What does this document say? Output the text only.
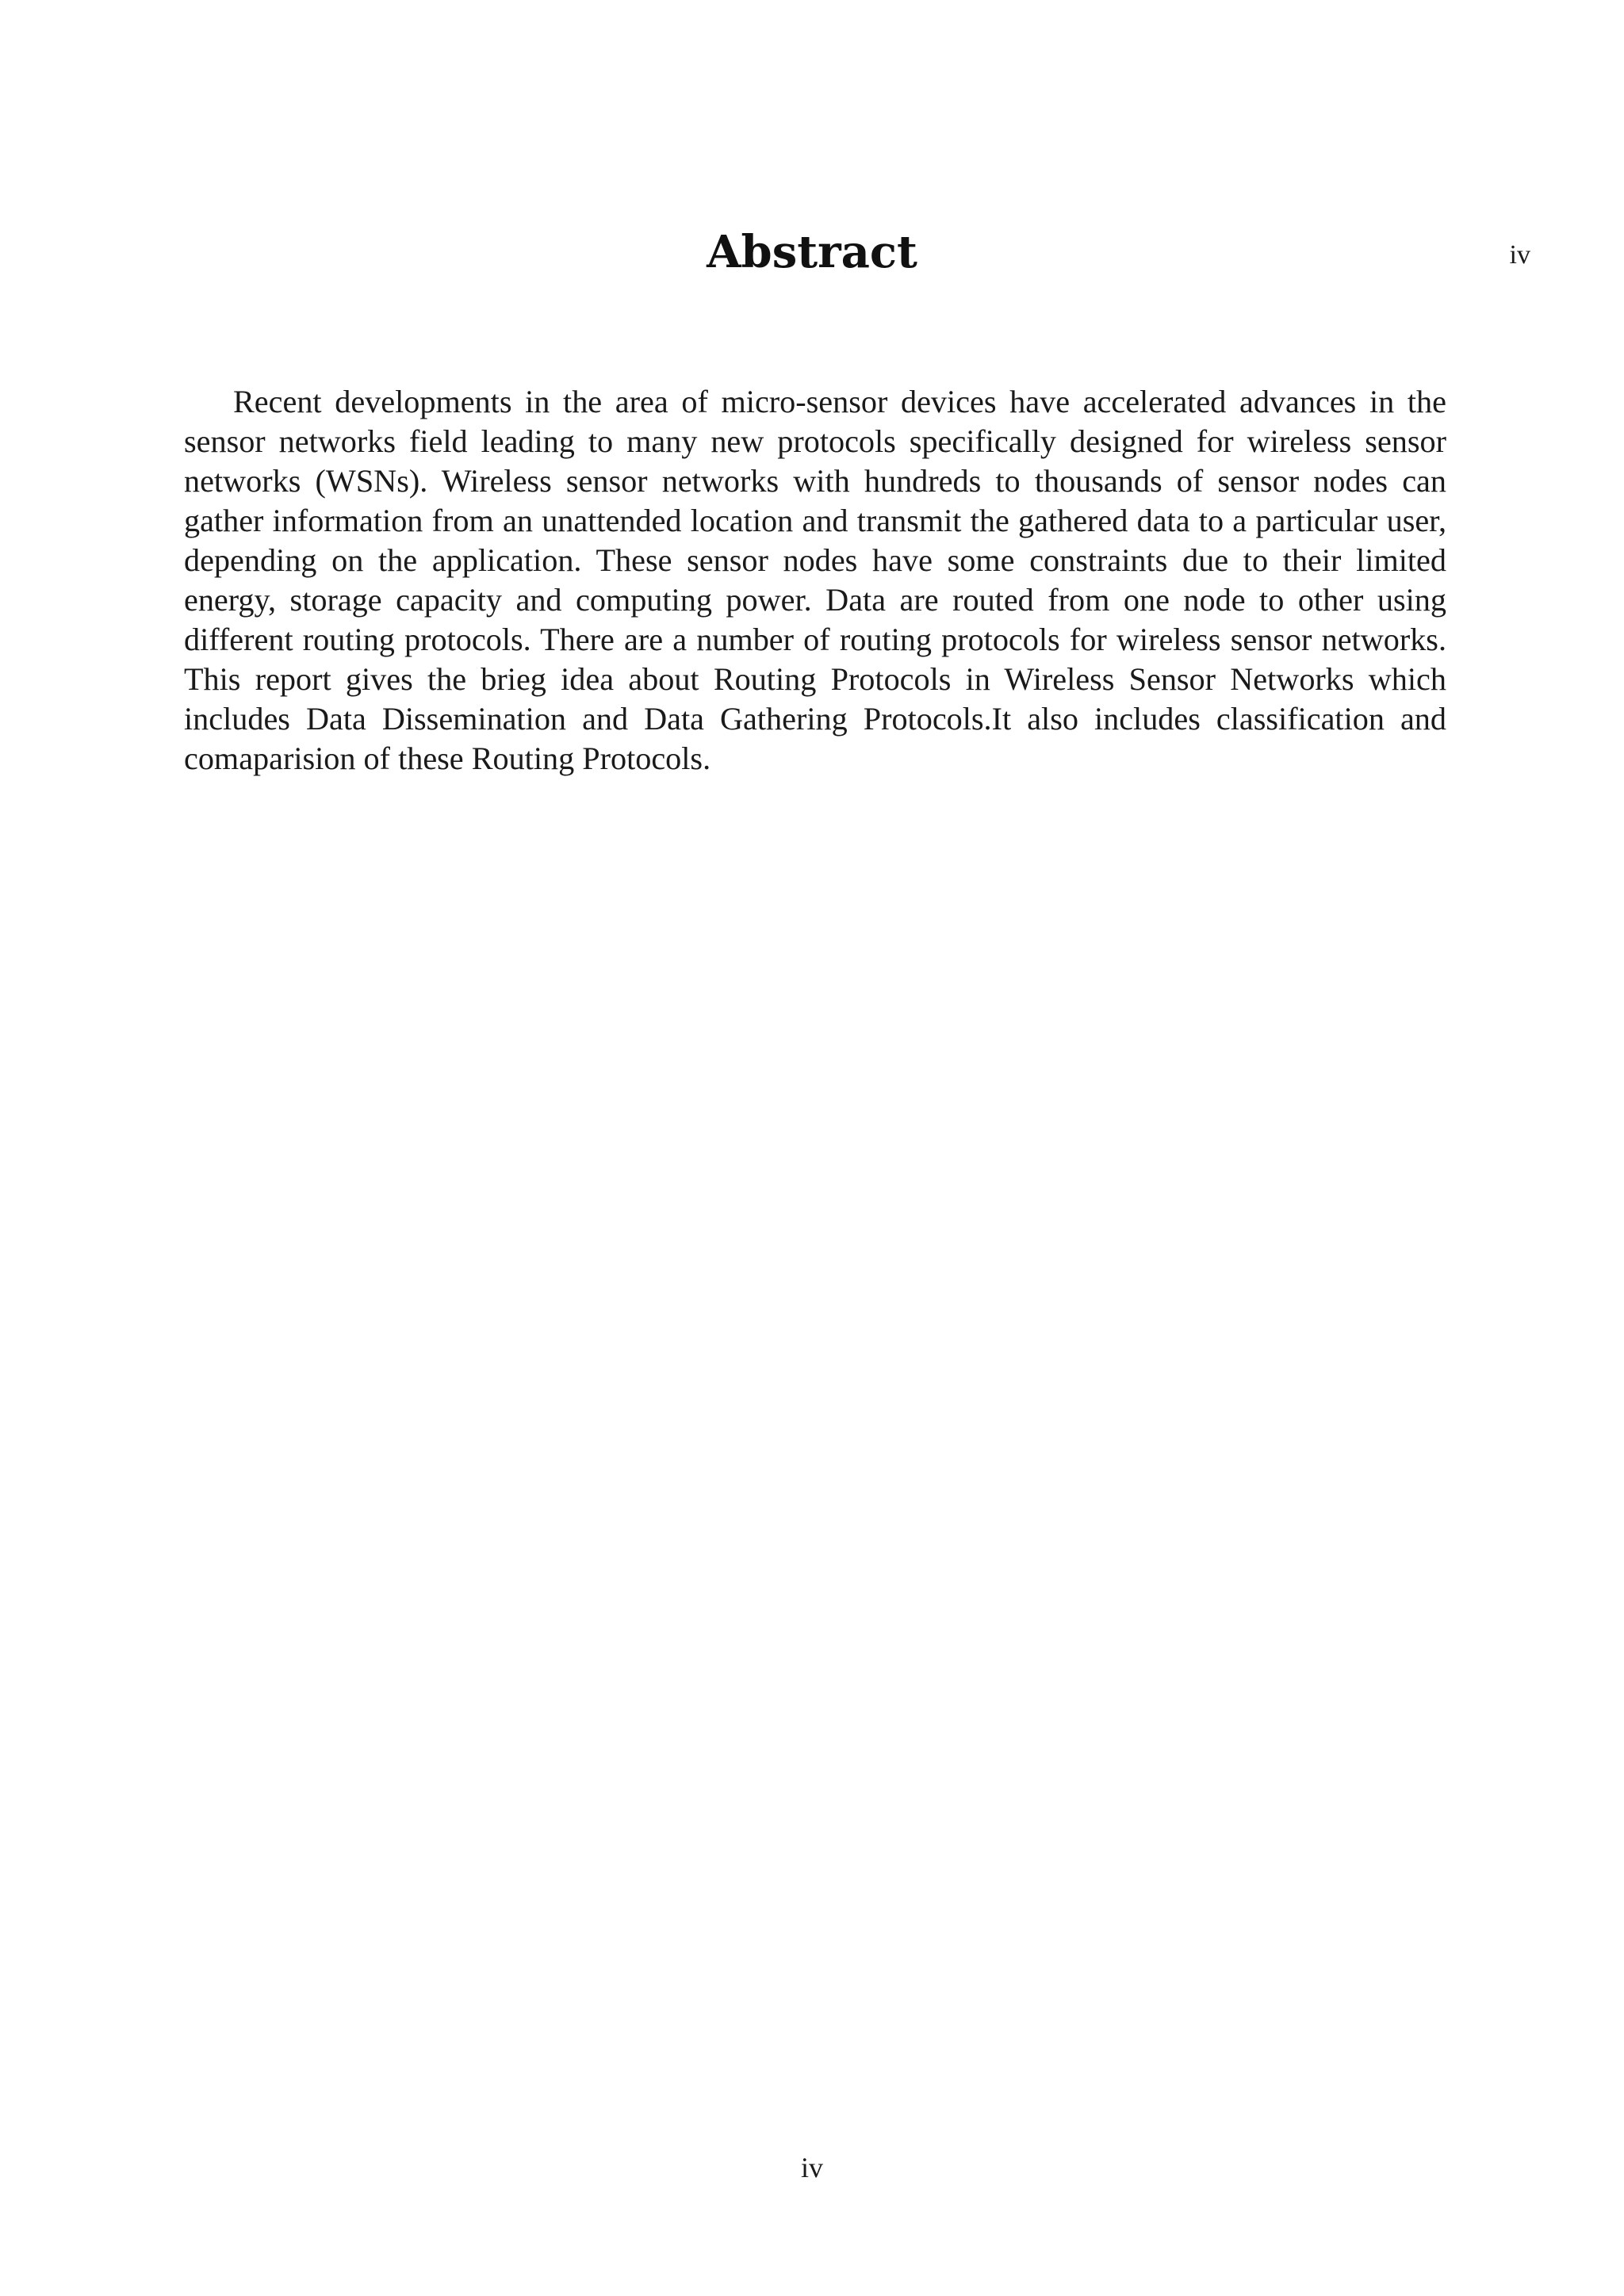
iv
Abstract

Recent developments in the area of micro-sensor devices have accelerated advances in the sensor networks field leading to many new protocols specifically designed for wireless sensor networks (WSNs). Wireless sensor networks with hundreds to thousands of sensor nodes can gather information from an unattended location and transmit the gathered data to a particular user, depending on the application. These sensor nodes have some constraints due to their limited energy, storage capacity and computing power. Data are routed from one node to other using different routing protocols. There are a number of routing protocols for wireless sensor networks. This report gives the brieg idea about Routing Protocols in Wireless Sensor Networks which includes Data Dissemination and Data Gathering Protocols.It also includes classification and comaparision of these Routing Protocols.

iv
